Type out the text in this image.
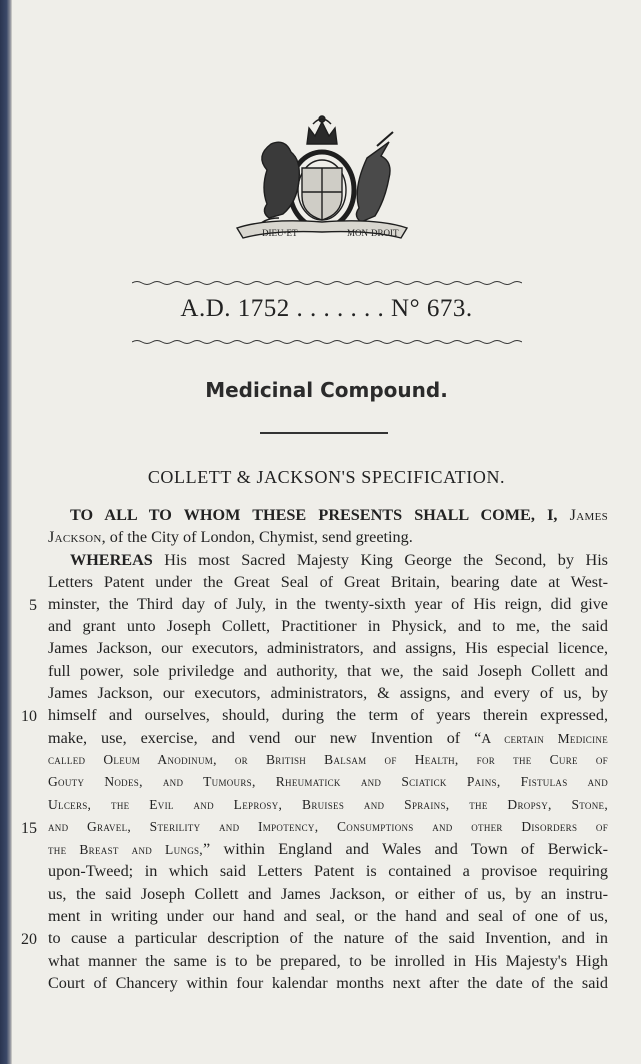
DIEU·ET	MON·DROIT
A.D. 1752 . . . . . . . N° 673.
Medicinal Compound.
COLLETT & JACKSON'S SPECIFICATION.
5
10
15
20
TO ALL TO WHOM THESE PRESENTS SHALL COME, I, James
Jackson, of the City of London, Chymist, send greeting.
WHEREAS His most Sacred Majesty King George the Second, by His
Letters Patent under the Great Seal of Great Britain, bearing date at West-
minster, the Third day of July, in the twenty-sixth year of His reign, did give
and grant unto Joseph Collett, Practitioner in Physick, and to me, the said
James Jackson, our executors, administrators, and assigns, His especial licence,
full power, sole priviledge and authority, that we, the said Joseph Collett and
James Jackson, our executors, administrators, & assigns, and every of us, by
himself and ourselves, should, during the term of years therein expressed,
make, use, exercise, and vend our new Invention of “A certain Medicine
called Oleum Anodinum, or British Balsam of Health, for the Cure of
Gouty Nodes, and Tumours, Rheumatick and Sciatick Pains, Fistulas and
Ulcers, the Evil and Leprosy, Bruises and Sprains, the Dropsy, Stone,
and Gravel, Sterility and Impotency, Consumptions and other Disorders of
the Breast and Lungs,” within England and Wales and Town of Berwick-
upon-Tweed; in which said Letters Patent is contained a provisoe requiring
us, the said Joseph Collett and James Jackson, or either of us, by an instru-
ment in writing under our hand and seal, or the hand and seal of one of us,
to cause a particular description of the nature of the said Invention, and in
what manner the same is to be prepared, to be inrolled in His Majesty's High
Court of Chancery within four kalendar months next after the date of the said
